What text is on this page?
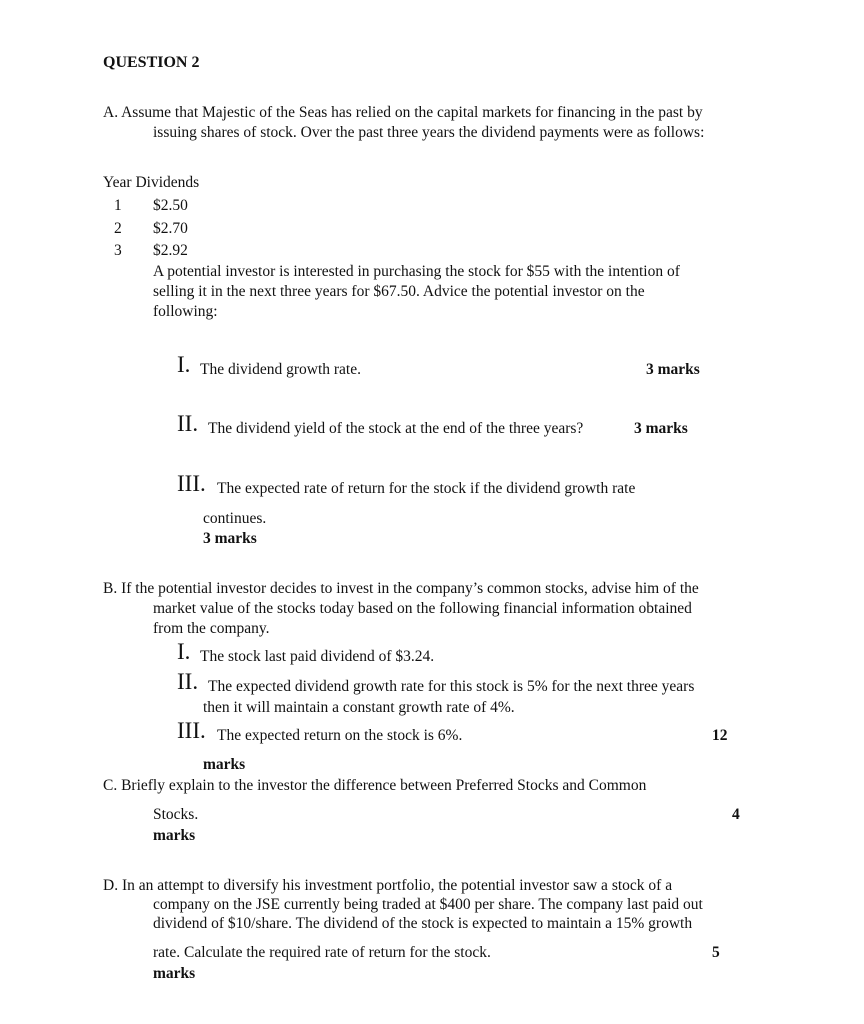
QUESTION 2
A. Assume that Majestic of the Seas has relied on the capital markets for financing in the past by
issuing shares of stock. Over the past three years the dividend payments were as follows:
Year Dividends
1 $2.50
2 $2.70
3 $2.92
A potential investor is interested in purchasing the stock for $55 with the intention of
selling it in the next three years for $67.50. Advice the potential investor on the
following:
I. The dividend growth rate.	3 marks
II. The dividend yield of the stock at the end of the three years?	3 marks
III. The expected rate of return for the stock if the dividend growth rate
continues.
3 marks
B. If the potential investor decides to invest in the company’s common stocks, advise him of the
market value of the stocks today based on the following financial information obtained
from the company.
I. The stock last paid dividend of $3.24.
II. The expected dividend growth rate for this stock is 5% for the next three years
then it will maintain a constant growth rate of 4%.
III. The expected return on the stock is 6%.	12
marks
C. Briefly explain to the investor the difference between Preferred Stocks and Common
Stocks.	4
marks
D. In an attempt to diversify his investment portfolio, the potential investor saw a stock of a
company on the JSE currently being traded at $400 per share. The company last paid out
dividend of $10/share. The dividend of the stock is expected to maintain a 15% growth
rate. Calculate the required rate of return for the stock.	5
marks
